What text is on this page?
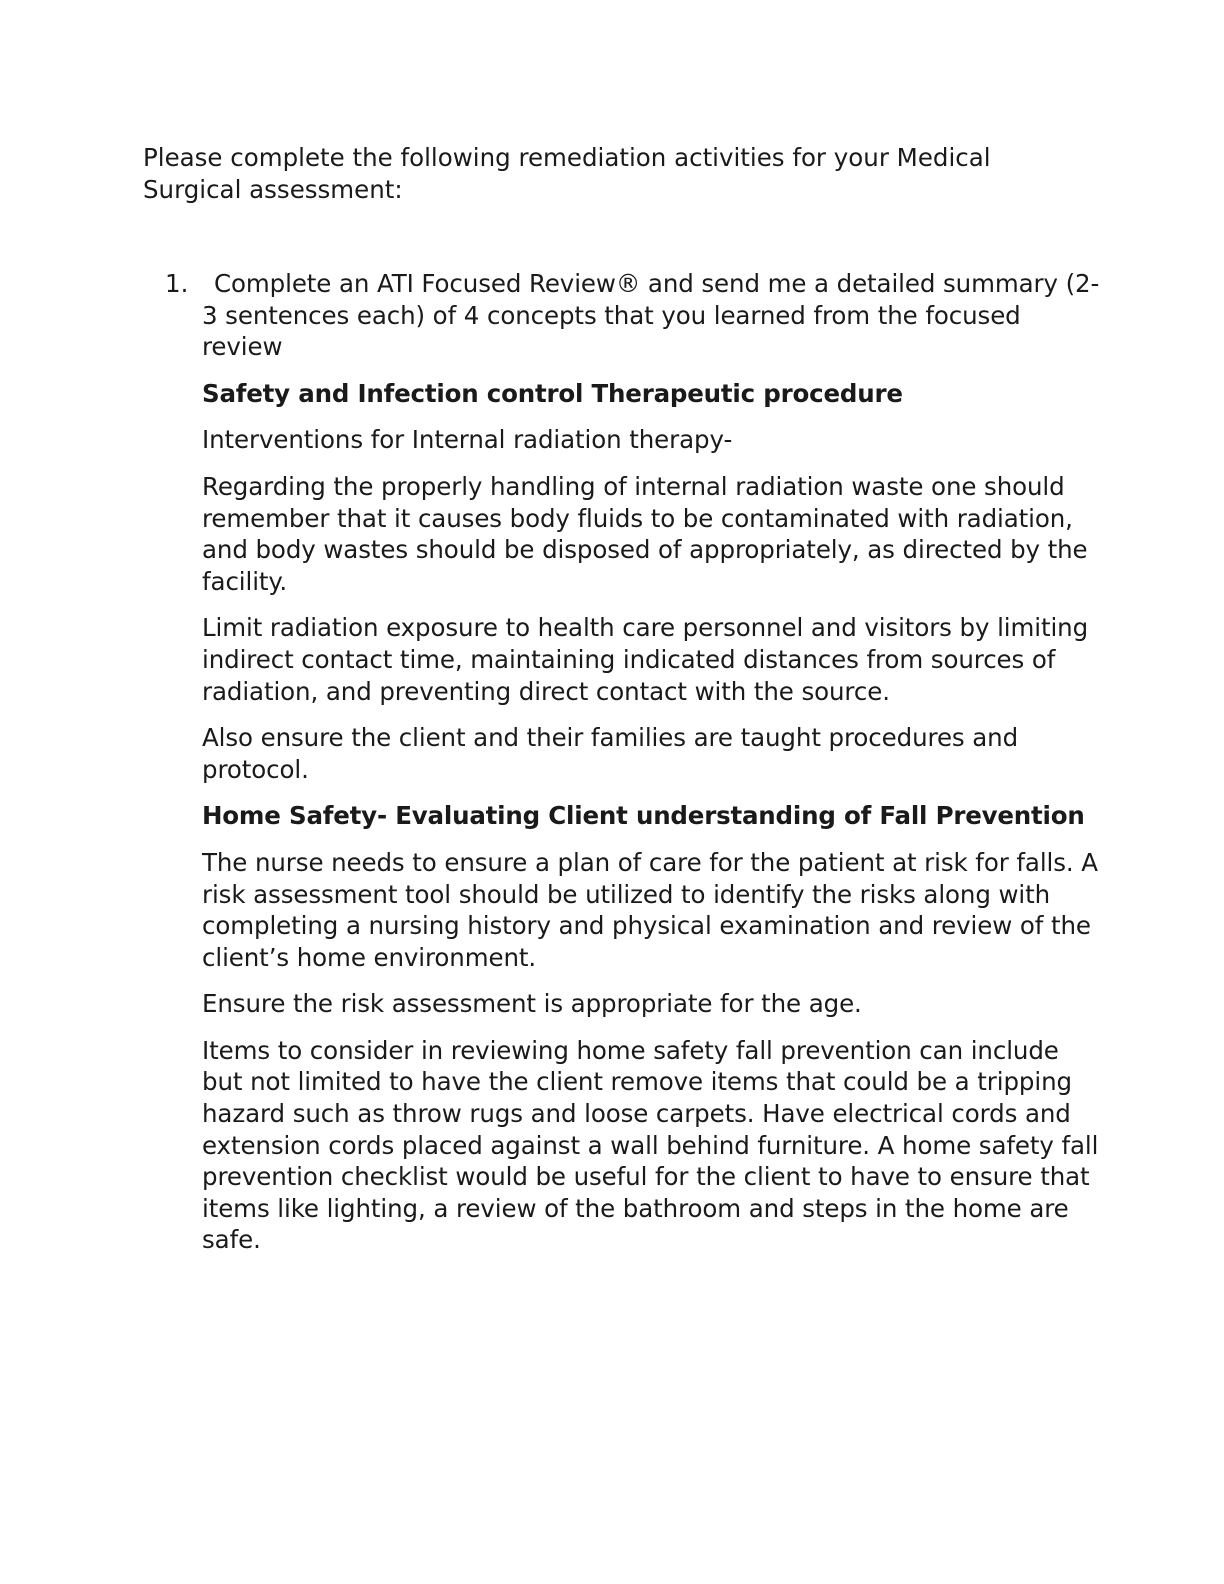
Please complete the following remediation activities for your Medical Surgical assessment:

1.	Complete an ATI Focused Review® and send me a detailed summary (2-3 sentences each) of 4 concepts that you learned from the focused review

Safety and Infection control Therapeutic procedure

Interventions for Internal radiation therapy-

Regarding the properly handling of internal radiation waste one should remember that it causes body fluids to be contaminated with radiation, and body wastes should be disposed of appropriately, as directed by the facility.

Limit radiation exposure to health care personnel and visitors by limiting indirect contact time, maintaining indicated distances from sources of radiation, and preventing direct contact with the source.

Also ensure the client and their families are taught procedures and protocol.

Home Safety- Evaluating Client understanding of Fall Prevention

The nurse needs to ensure a plan of care for the patient at risk for falls. A risk assessment tool should be utilized to identify the risks along with completing a nursing history and physical examination and review of the client’s home environment.

Ensure the risk assessment is appropriate for the age.

Items to consider in reviewing home safety fall prevention can include but not limited to have the client remove items that could be a tripping hazard such as throw rugs and loose carpets. Have electrical cords and extension cords placed against a wall behind furniture. A home safety fall prevention checklist would be useful for the client to have to ensure that items like lighting, a review of the bathroom and steps in the home are safe.
